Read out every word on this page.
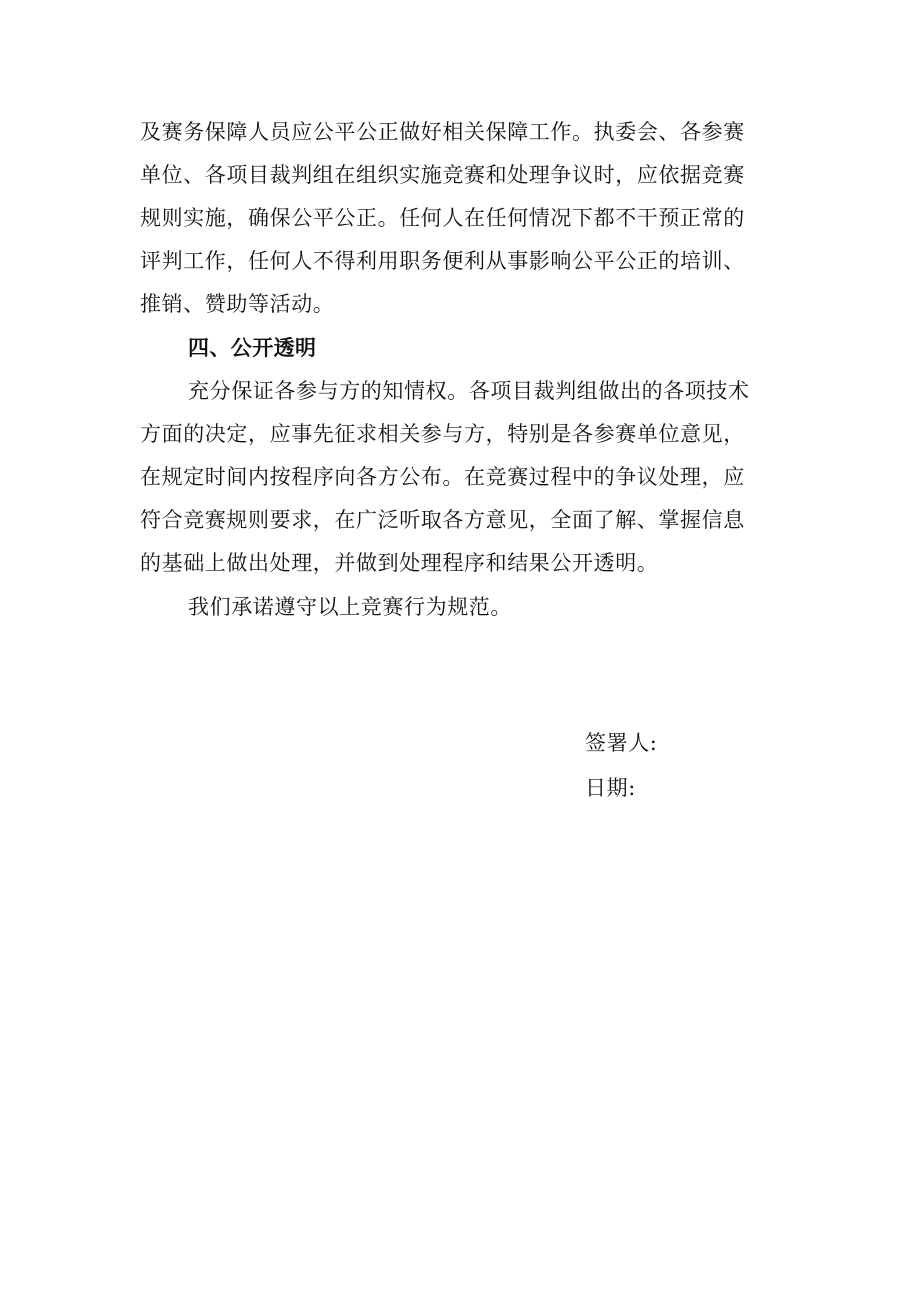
及赛务保障人员应公平公正做好相关保障工作。执委会、各参赛

单位、各项目裁判组在组织实施竞赛和处理争议时，应依据竞赛

规则实施，确保公平公正。任何人在任何情况下都不干预正常的

评判工作，任何人不得利用职务便利从事影响公平公正的培训、

推销、赞助等活动。

四、公开透明

充分保证各参与方的知情权。各项目裁判组做出的各项技术

方面的决定，应事先征求相关参与方，特别是各参赛单位意见，

在规定时间内按程序向各方公布。在竞赛过程中的争议处理，应

符合竞赛规则要求，在广泛听取各方意见，全面了解、掌握信息

的基础上做出处理，并做到处理程序和结果公开透明。

我们承诺遵守以上竞赛行为规范。

签署人:

日期:
